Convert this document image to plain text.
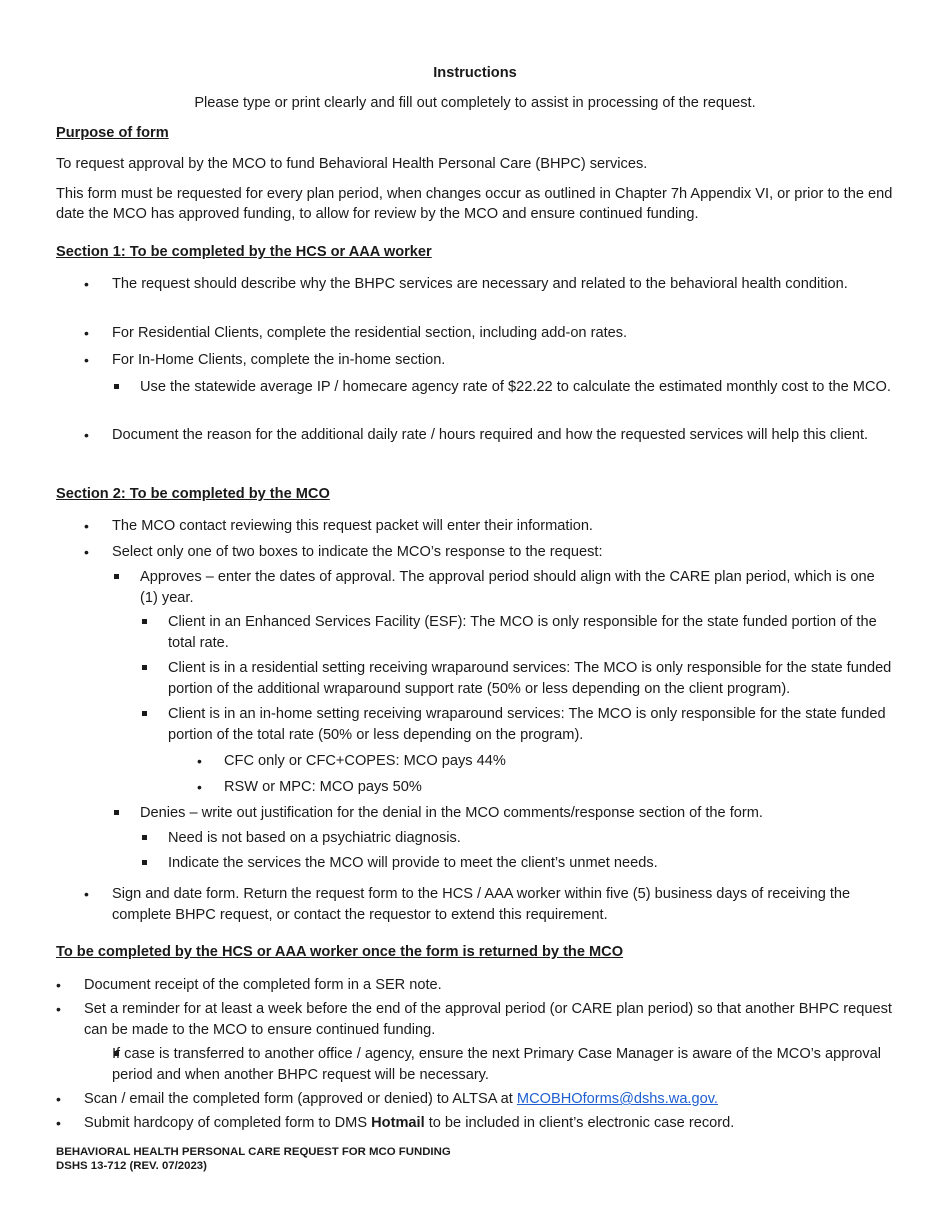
Instructions
Please type or print clearly and fill out completely to assist in processing of the request.
Purpose of form
To request approval by the MCO to fund Behavioral Health Personal Care (BHPC) services.
This form must be requested for every plan period, when changes occur as outlined in Chapter 7h Appendix VI, or prior to the end date the MCO has approved funding, to allow for review by the MCO and ensure continued funding.
Section 1: To be completed by the HCS or AAA worker
• The request should describe why the BHPC services are necessary and related to the behavioral health condition.
• For Residential Clients, complete the residential section, including add-on rates.
• For In-Home Clients, complete the in-home section.
Use the statewide average IP / homecare agency rate of $22.22 to calculate the estimated monthly cost to the MCO.
• Document the reason for the additional daily rate / hours required and how the requested services will help this client.
Section 2: To be completed by the MCO
• The MCO contact reviewing this request packet will enter their information.
• Select only one of two boxes to indicate the MCO’s response to the request:
Approves – enter the dates of approval. The approval period should align with the CARE plan period, which is one (1) year.
Client in an Enhanced Services Facility (ESF): The MCO is only responsible for the state funded portion of the total rate.
Client is in a residential setting receiving wraparound services: The MCO is only responsible for the state funded portion of the additional wraparound support rate (50% or less depending on the client program).
Client is in an in-home setting receiving wraparound services: The MCO is only responsible for the state funded portion of the total rate (50% or less depending on the program).
• CFC only or CFC+COPES: MCO pays 44%
• RSW or MPC: MCO pays 50%
Denies – write out justification for the denial in the MCO comments/response section of the form.
Need is not based on a psychiatric diagnosis.
Indicate the services the MCO will provide to meet the client’s unmet needs.
• Sign and date form. Return the request form to the HCS / AAA worker within five (5) business days of receiving the complete BHPC request, or contact the requestor to extend this requirement.
To be completed by the HCS or AAA worker once the form is returned by the MCO
• Document receipt of the completed form in a SER note.
• Set a reminder for at least a week before the end of the approval period (or CARE plan period) so that another BHPC request can be made to the MCO to ensure continued funding.
If case is transferred to another office / agency, ensure the next Primary Case Manager is aware of the MCO’s approval period and when another BHPC request will be necessary.
• Scan / email the completed form (approved or denied) to ALTSA at MCOBHOforms@dshs.wa.gov.
• Submit hardcopy of completed form to DMS Hotmail to be included in client’s electronic case record.
BEHAVIORAL HEALTH PERSONAL CARE REQUEST FOR MCO FUNDING
DSHS 13-712 (REV. 07/2023)
